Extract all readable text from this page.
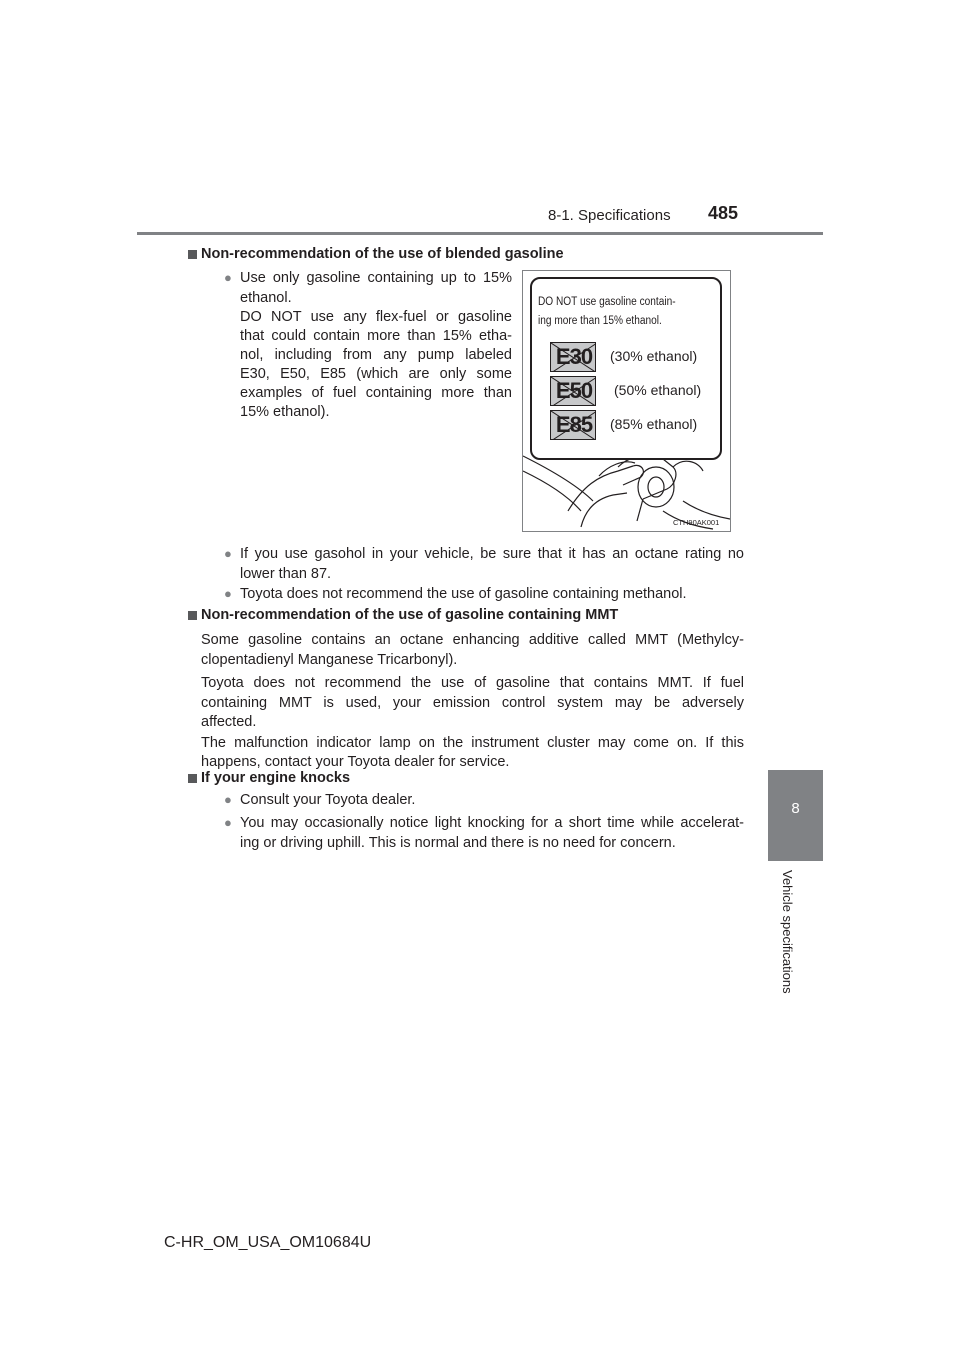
8-1. Specifications 485
8
Vehicle specifications
Non-recommendation of the use of blended gasoline
● Use only gasoline containing up to 15%
ethanol.
DO NOT use any flex-fuel or gasoline
that could contain more than 15% etha-
nol, including from any pump labeled
E30, E50, E85 (which are only some
examples of fuel containing more than
15% ethanol).
DO NOT use gasoline contain-
ing more than 15% ethanol.
E30	(30% ethanol)
E50	(50% ethanol)
E85	(85% ethanol)
CTH90AK001
● If you use gasohol in your vehicle, be sure that it has an octane rating no
lower than 87.
● Toyota does not recommend the use of gasoline containing methanol.
Non-recommendation of the use of gasoline containing MMT
Some gasoline contains an octane enhancing additive called MMT (Methylcy-
clopentadienyl Manganese Tricarbonyl).
Toyota does not recommend the use of gasoline that contains MMT. If fuel
containing MMT is used, your emission control system may be adversely
affected.
The malfunction indicator lamp on the instrument cluster may come on. If this
happens, contact your Toyota dealer for service.
If your engine knocks
● Consult your Toyota dealer.
● You may occasionally notice light knocking for a short time while accelerat-
ing or driving uphill. This is normal and there is no need for concern.
C-HR_OM_USA_OM10684U
